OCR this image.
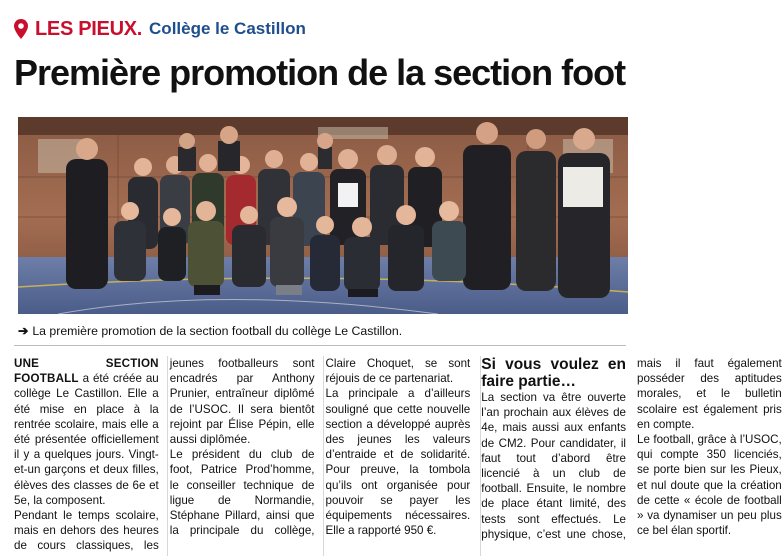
LES PIEUX. Collège le Castillon
Première promotion de la section foot
➔ La première promotion de la section football du collège Le Castillon.

UNE SECTION FOOTBALL a été créée au collège Le Castillon. Elle a été mise en place à la rentrée scolaire, mais elle a été présentée officiellement il y a quelques jours. Vingt-et-un garçons et deux filles, élèves des classes de 6e et 5e, la composent.

Pendant le temps scolaire, mais en dehors des heures de cours classiques, les jeunes footballeurs sont encadrés par Anthony Prunier, entraîneur diplômé de l’USOC. Il sera bientôt rejoint par Élise Pépin, elle aussi diplômée.

Le président du club de foot, Patrice Prod’homme, le conseiller technique de ligue de Normandie, Stéphane Pillard, ainsi que la principale du collège, Claire Choquet, se sont réjouis de ce partenariat.

La principale a d’ailleurs souligné que cette nouvelle section a développé auprès des jeunes les valeurs d’entraide et de solidarité. Pour preuve, la tombola qu’ils ont organisée pour pouvoir se payer les équipements nécessaires. Elle a rapporté 950 €.

Si vous voulez en faire partie…

La section va être ouverte l’an prochain aux élèves de 4e, mais aussi aux enfants de CM2. Pour candidater, il faut tout d’abord être licencié à un club de football. Ensuite, le nombre de place étant limité, des tests sont effectués. Le physique, c’est une chose, mais il faut également posséder des aptitudes morales, et le bulletin scolaire est également pris en compte.

Le football, grâce à l’USOC, qui compte 350 licenciés, se porte bien sur les Pieux, et nul doute que la création de cette « école de football » va dynamiser un peu plus ce bel élan sportif.
